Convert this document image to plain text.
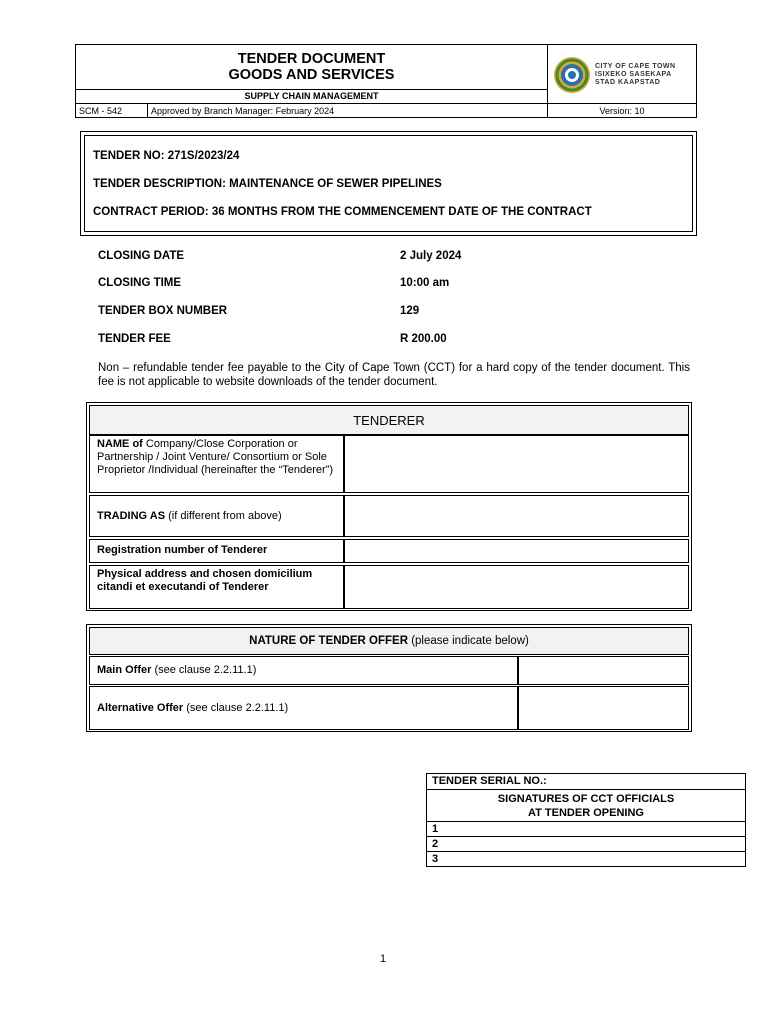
TENDER DOCUMENT
GOODS AND SERVICES
SUPPLY CHAIN MANAGEMENT
CITY OF CAPE TOWN
ISIXEKO SASEKAPA
STAD KAAPSTAD
SCM - 542	Approved by Branch Manager: February 2024	Version: 10
TENDER NO: 271S/2023/24
TENDER DESCRIPTION: MAINTENANCE OF SEWER PIPELINES
CONTRACT PERIOD: 36 MONTHS FROM THE COMMENCEMENT DATE OF THE CONTRACT
CLOSING DATE	2 July 2024
CLOSING TIME	10:00 am
TENDER BOX NUMBER	129
TENDER FEE	R 200.00
Non – refundable tender fee payable to the City of Cape Town (CCT) for a hard copy of the tender document. This fee is not applicable to website downloads of the tender document.
TENDERER
NAME of Company/Close Corporation or Partnership / Joint Venture/ Consortium or Sole Proprietor /Individual (hereinafter the “Tenderer”)
TRADING AS (if different from above)
Registration number of Tenderer
Physical address and chosen domicilium citandi et executandi of Tenderer
NATURE OF TENDER OFFER (please indicate below)
Main Offer (see clause 2.2.11.1)
Alternative Offer (see clause 2.2.11.1)
TENDER SERIAL NO.:
SIGNATURES OF CCT OFFICIALS
AT TENDER OPENING
1
2
3
1
